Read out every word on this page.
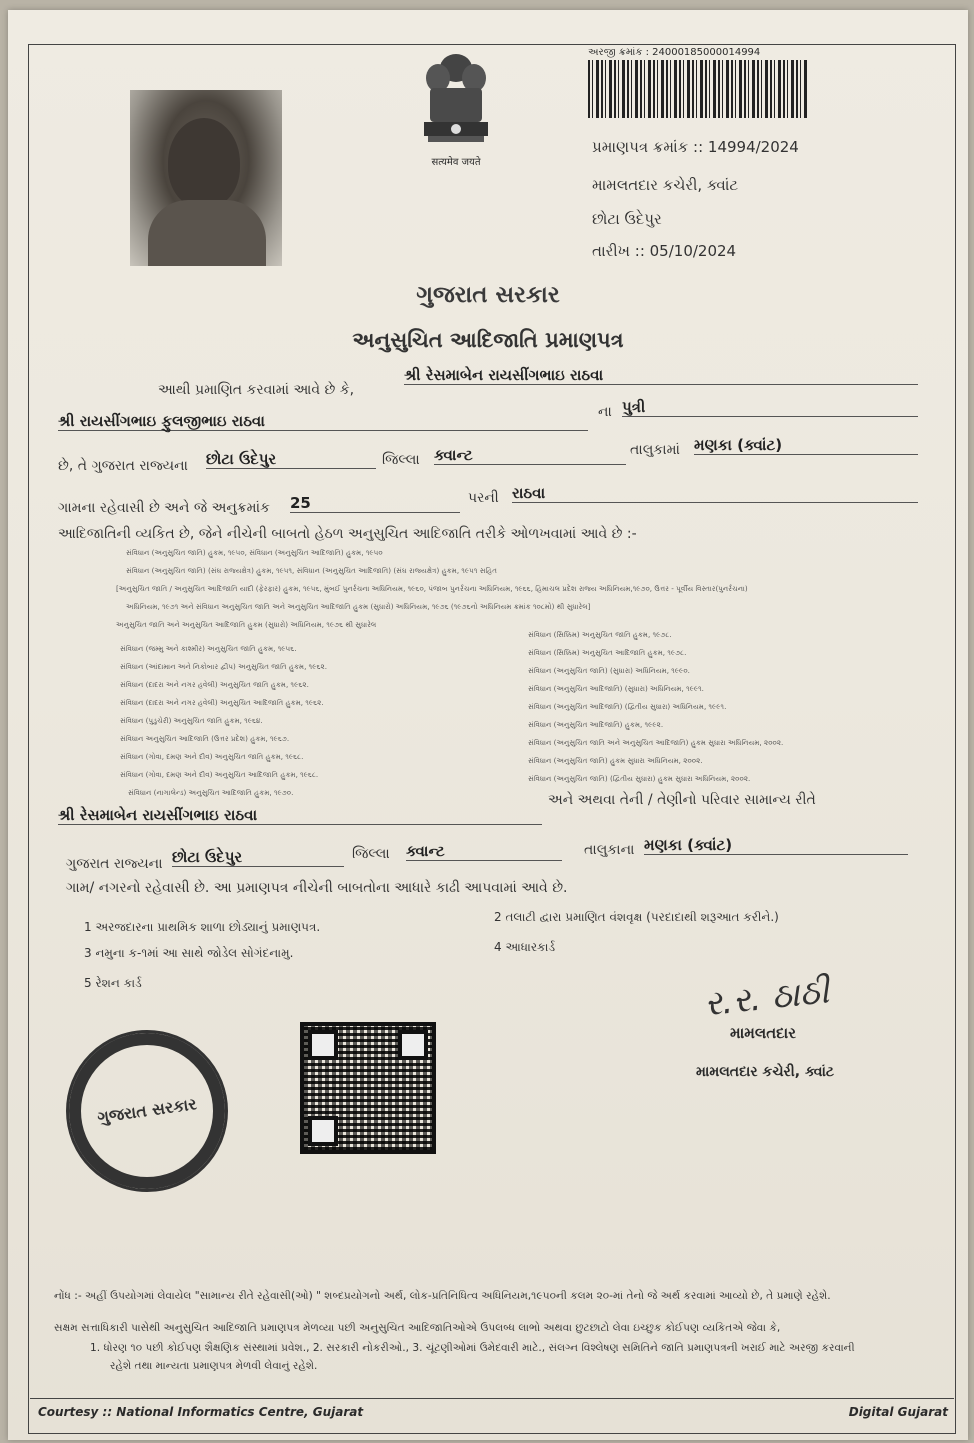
सत्यमेव जयते
અરજી ક્રમાંક : 24000185000014994
પ્રમાણપત્ર ક્રમાંક :: 14994/2024
મામલતદાર કચેરી, ક્વાંટ
છોટા ઉદેપુર
તારીખ :: 05/10/2024
ગુજરાત સરકાર
અનુસુચિત આદિજાતિ પ્રમાણપત્ર
આથી પ્રમાણિત કરવામાં આવે છે કે,
શ્રી રેસમાબેન રાયસીંગભાઇ રાઠવા
શ્રી રાયસીંગભાઇ ફુલજીભાઇ રાઠવા	ના પુત્રી
છે, તે ગુજરાત રાજ્યના છોટા ઉદેપુર	જિલ્લા ક્વાન્ટ	તાલુકામાં મણકા (ક્વાંટ)
ગામના રહેવાસી છે અને જે અનુક્રમાંક 25	પરની રાઠવા
આદિજાતિની વ્યકિત છે, જેને નીચેની બાબતો હેઠળ અનુસુચિત આદિજાતિ તરીકે ઓળખવામાં આવે છે :-
સંવિધાન (અનુસુચિત જાતિ) હુકમ, ૧૯૫૦, સંવિધાન (અનુસુચિત આદિજાતિ) હુકમ, ૧૯૫૦
સંવિધાન (અનુસુચિત જાતિ) (સંઘ રાજ્યક્ષેત્ર) હુકમ, ૧૯૫૧, સંવિધાન (અનુસુચિત આદિજાતિ) (સંઘ રાજ્યક્ષેત્ર) હુકમ, ૧૯૫૧ સહિત
[અનુસુચિત જાતિ / અનુસુચિત આદિજાતિ યાદી (ફેરફાર) હુકમ, ૧૯૫૬, મુંબઈ પુનર્રચના અધિનિયમ, ૧૯૬૦, પંજાબ પુનર્રચના અધિનિયમ, ૧૯૬૬, હિમાચલ પ્રદેશ રાજ્ય અધિનિયમ,૧૯૭૦, ઉત્તર - પૂર્વીય વિસ્તાર(પુનર્રચના)
અધિનિયમ, ૧૯૭૧ અને સંવિધાન અનુસુચિત જાતિ અને અનુસુચિત આદિજાતિ હુકમ (સુધારો) અધિનિયમ, ૧૯૭૬ (૧૯૭૬નો અધિનિયમ ક્રમાંક ૧૦૮મો) થી સુધારેલ]
અનુસુચિત જાતિ અને અનુસુચિત આદિજાતિ હુકમ (સુધારો) અધિનિયમ, ૧૯૭૬ થી સુધારેલ
સંવિધાન (જમ્મુ અને કાશ્મીર) અનુસુચિત જાતિ હુકમ, ૧૯૫૬.
સંવિધાન (આંદામાન અને નિકોબાર દ્વીપ) અનુસુચિત જાતિ હુકમ, ૧૯૬૨.
સંવિધાન (દાદરા અને નગર હવેલી) અનુસુચિત જાતિ હુકમ, ૧૯૬૨.
સંવિધાન (દાદરા અને નગર હવેલી) અનુસુચિત આદિજાતિ હુકમ, ૧૯૬૨.
સંવિધાન (પુડુચેરી) અનુસુચિત જાતિ હુકમ, ૧૯૬૪.
સંવિધાન અનુસુચિત આદિજાતિ (ઉત્તર પ્રદેશ) હુકમ, ૧૯૬૭.
સંવિધાન (ગોવા, દમણ અને દીવ) અનુસુચિત જાતિ હુકમ, ૧૯૬૮.
સંવિધાન (ગોવા, દમણ અને દીવ) અનુસુચિત આદિજાતિ હુકમ, ૧૯૬૮.
સંવિધાન (નાગાલેન્ડ) અનુસુચિત આદિજાતિ હુકમ, ૧૯૭૦.
સંવિધાન (સિક્કિમ) અનુસુચિત જાતિ હુકમ, ૧૯૭૮.
સંવિધાન (સિક્કિમ) અનુસુચિત આદિજાતિ હુકમ, ૧૯૭૮.
સંવિધાન (અનુસુચિત જાતિ) (સુધારા) અધિનિયમ, ૧૯૯૦.
સંવિધાન (અનુસુચિત આદિજાતિ) (સુધારા) અધિનિયમ, ૧૯૯૧.
સંવિધાન (અનુસુચિત આદિજાતિ) (દ્વિતીય સુધારા) અધિનિયમ, ૧૯૯૧.
સંવિધાન (અનુસુચિત આદિજાતિ) હુકમ, ૧૯૯૨.
સંવિધાન (અનુસુચિત જાતિ અને અનુસુચિત આદિજાતિ) હુકમ સુધારા અધિનિયમ, ૨૦૦૨.
સંવિધાન (અનુસુચિત જાતિ) હુકમ સુધારા અધિનિયમ, ૨૦૦૨.
સંવિધાન (અનુસુચિત જાતિ) (દ્વિતીય સુધારા) હુકમ સુધારા અધિનિયમ, ૨૦૦૨.
શ્રી રેસમાબેન રાયસીંગભાઇ રાઠવા
અને અથવા તેની / તેણીનો પરિવાર સામાન્ય રીતે
ગુજરાત રાજ્યના છોટા ઉદેપુર	જિલ્લા ક્વાન્ટ	તાલુકાના મણકા (ક્વાંટ)
ગામ/ નગરનો રહેવાસી છે. આ પ્રમાણપત્ર નીચેની બાબતોના આધારે કાઢી આપવામાં આવે છે.
1 અરજદારના પ્રાથમિક શાળા છોડ્યાનું પ્રમાણપત્ર.
2 તલાટી દ્વારા પ્રમાણિત વંશવૃક્ષ (પરદાદાથી શરૂઆત કરીને.)
3 નમુના ક-૧માં આ સાથે જોડેલ સોગંદનામુ.	4 આધારકાર્ડ
5 રેશન કાર્ડ	ર.ર. ઠાઠી
મામલતદાર
મામલતદાર કચેરી, ક્વાંટ
ગુજરાત સરકાર
નોંધ :- અહીં ઉપયોગમાં લેવાયેલ "સામાન્ય રીતે રહેવાસી(ઓ) " શબ્દપ્રયોગનો અર્થ, લોક-પ્રતિનિધિત્વ અધિનિયમ,૧૯૫૦ની કલમ ૨૦-માં તેનો જે અર્થ કરવામાં આવ્યો છે, તે પ્રમાણે રહેશે.
સક્ષમ સત્તાધિકારી પાસેથી અનુસુચિત આદિજાતિ પ્રમાણપત્ર મેળવ્યા પછી અનુસુચિત આદિજાતિઓએ ઉપલબ્ધ લાભો અથવા છુટછાટો લેવા ઇચ્છુક કોઈપણ વ્યકિતએ જેવા કે,
1. ધોરણ ૧૦ પછી કોઈપણ શૈક્ષણિક સંસ્થામાં પ્રવેશ., 2. સરકારી નોકરીઓ., 3. ચૂંટણીઓમાં ઉમેદવારી માટે., સંલગ્ન વિશ્લેષણ સમિતિને જાતિ પ્રમાણપત્રની ખરાઈ માટે અરજી કરવાની
રહેશે તથા માન્યતા પ્રમાણપત્ર મેળવી લેવાનું રહેશે.
Courtesy :: National Informatics Centre, Gujarat	Digital Gujarat
